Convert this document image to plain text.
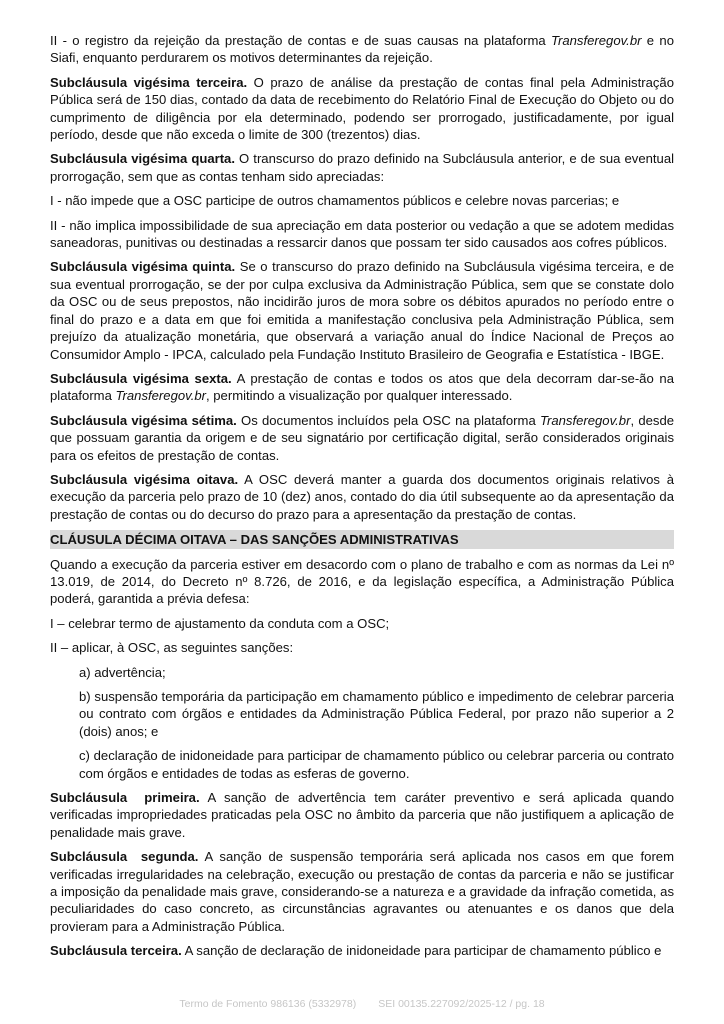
II - o registro da rejeição da prestação de contas e de suas causas na plataforma Transferegov.br e no Siafi, enquanto perdurarem os motivos determinantes da rejeição.

Subcláusula vigésima terceira. O prazo de análise da prestação de contas final pela Administração Pública será de 150 dias, contado da data de recebimento do Relatório Final de Execução do Objeto ou do cumprimento de diligência por ela determinado, podendo ser prorrogado, justificadamente, por igual período, desde que não exceda o limite de 300 (trezentos) dias.

Subcláusula vigésima quarta. O transcurso do prazo definido na Subcláusula anterior, e de sua eventual prorrogação, sem que as contas tenham sido apreciadas:

I - não impede que a OSC participe de outros chamamentos públicos e celebre novas parcerias; e

II - não implica impossibilidade de sua apreciação em data posterior ou vedação a que se adotem medidas saneadoras, punitivas ou destinadas a ressarcir danos que possam ter sido causados aos cofres públicos.

Subcláusula vigésima quinta. Se o transcurso do prazo definido na Subcláusula vigésima terceira, e de sua eventual prorrogação, se der por culpa exclusiva da Administração Pública, sem que se constate dolo da OSC ou de seus prepostos, não incidirão juros de mora sobre os débitos apurados no período entre o final do prazo e a data em que foi emitida a manifestação conclusiva pela Administração Pública, sem prejuízo da atualização monetária, que observará a variação anual do Índice Nacional de Preços ao Consumidor Amplo - IPCA, calculado pela Fundação Instituto Brasileiro de Geografia e Estatística - IBGE.

Subcláusula vigésima sexta. A prestação de contas e todos os atos que dela decorram dar-se-ão na plataforma Transferegov.br, permitindo a visualização por qualquer interessado.

Subcláusula vigésima sétima. Os documentos incluídos pela OSC na plataforma Transferegov.br, desde que possuam garantia da origem e de seu signatário por certificação digital, serão considerados originais para os efeitos de prestação de contas.

Subcláusula vigésima oitava. A OSC deverá manter a guarda dos documentos originais relativos à execução da parceria pelo prazo de 10 (dez) anos, contado do dia útil subsequente ao da apresentação da prestação de contas ou do decurso do prazo para a apresentação da prestação de contas.

CLÁUSULA DÉCIMA OITAVA – DAS SANÇÕES ADMINISTRATIVAS

Quando a execução da parceria estiver em desacordo com o plano de trabalho e com as normas da Lei nº 13.019, de 2014, do Decreto nº 8.726, de 2016, e da legislação específica, a Administração Pública poderá, garantida a prévia defesa:

I – celebrar termo de ajustamento da conduta com a OSC;

II – aplicar, à OSC, as seguintes sanções:

a) advertência;

b) suspensão temporária da participação em chamamento público e impedimento de celebrar parceria ou contrato com órgãos e entidades da Administração Pública Federal, por prazo não superior a 2 (dois) anos; e

c) declaração de inidoneidade para participar de chamamento público ou celebrar parceria ou contrato com órgãos e entidades de todas as esferas de governo.

Subcláusula  primeira. A sanção de advertência tem caráter preventivo e será aplicada quando verificadas impropriedades praticadas pela OSC no âmbito da parceria que não justifiquem a aplicação de penalidade mais grave.

Subcláusula  segunda. A sanção de suspensão temporária será aplicada nos casos em que forem verificadas irregularidades na celebração, execução ou prestação de contas da parceria e não se justificar a imposição da penalidade mais grave, considerando-se a natureza e a gravidade da infração cometida, as peculiaridades do caso concreto, as circunstâncias agravantes ou atenuantes e os danos que dela provieram para a Administração Pública.

Subcláusula terceira. A sanção de declaração de inidoneidade para participar de chamamento público e

Termo de Fomento 986136 (5332978) SEI 00135.227092/2025-12 / pg. 18
